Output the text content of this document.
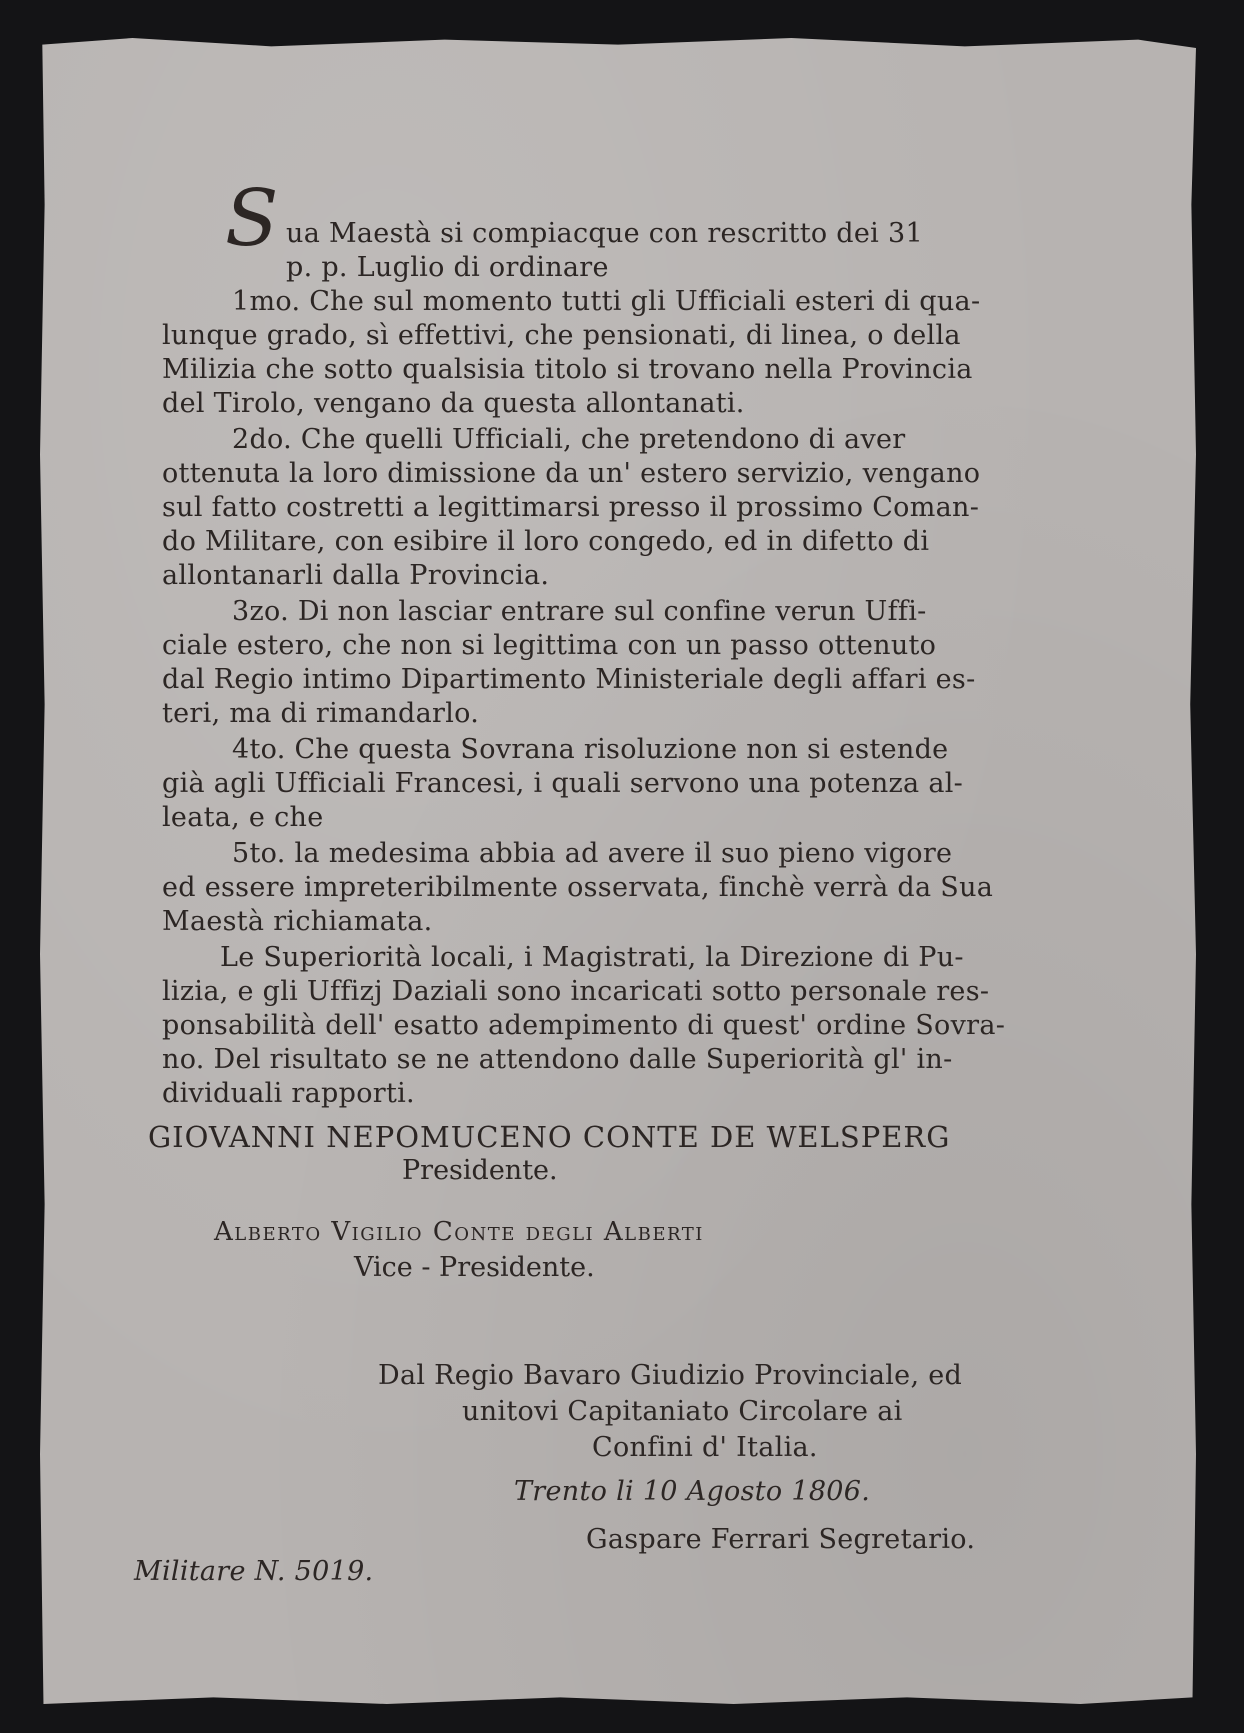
S ua Maestà si compiacque con rescritto dei 31

p. p. Luglio di ordinare

1mo. Che sul momento tutti gli Ufficiali esteri di qua-

lunque grado, sì effettivi, che pensionati, di linea, o della

Milizia che sotto qualsisia titolo si trovano nella Provincia

del Tirolo, vengano da questa allontanati.

2do. Che quelli Ufficiali, che pretendono di aver

ottenuta la loro dimissione da un' estero servizio, vengano

sul fatto costretti a legittimarsi presso il prossimo Coman-

do Militare, con esibire il loro congedo, ed in difetto di

allontanarli dalla Provincia.

3zo. Di non lasciar entrare sul confine verun Uffi-

ciale estero, che non si legittima con un passo ottenuto

dal Regio intimo Dipartimento Ministeriale degli affari es-

teri, ma di rimandarlo.

4to. Che questa Sovrana risoluzione non si estende

già agli Ufficiali Francesi, i quali servono una potenza al-

leata, e che

5to. la medesima abbia ad avere il suo pieno vigore

ed essere impreteribilmente osservata, finchè verrà da Sua

Maestà richiamata.

Le Superiorità locali, i Magistrati, la Direzione di Pu-

lizia, e gli Uffizj Daziali sono incaricati sotto personale res-

ponsabilità dell' esatto adempimento di quest' ordine Sovra-

no. Del risultato se ne attendono dalle Superiorità gl' in-

dividuali rapporti.

GIOVANNI NEPOMUCENO CONTE DE WELSPERG

Presidente.

Alberto Vigilio Conte degli Alberti

Vice - Presidente.

Dal Regio Bavaro Giudizio Provinciale, ed

unitovi Capitaniato Circolare ai

Confini d' Italia.

Trento li 10 Agosto 1806.

Gaspare Ferrari Segretario.

Militare N. 5019.
